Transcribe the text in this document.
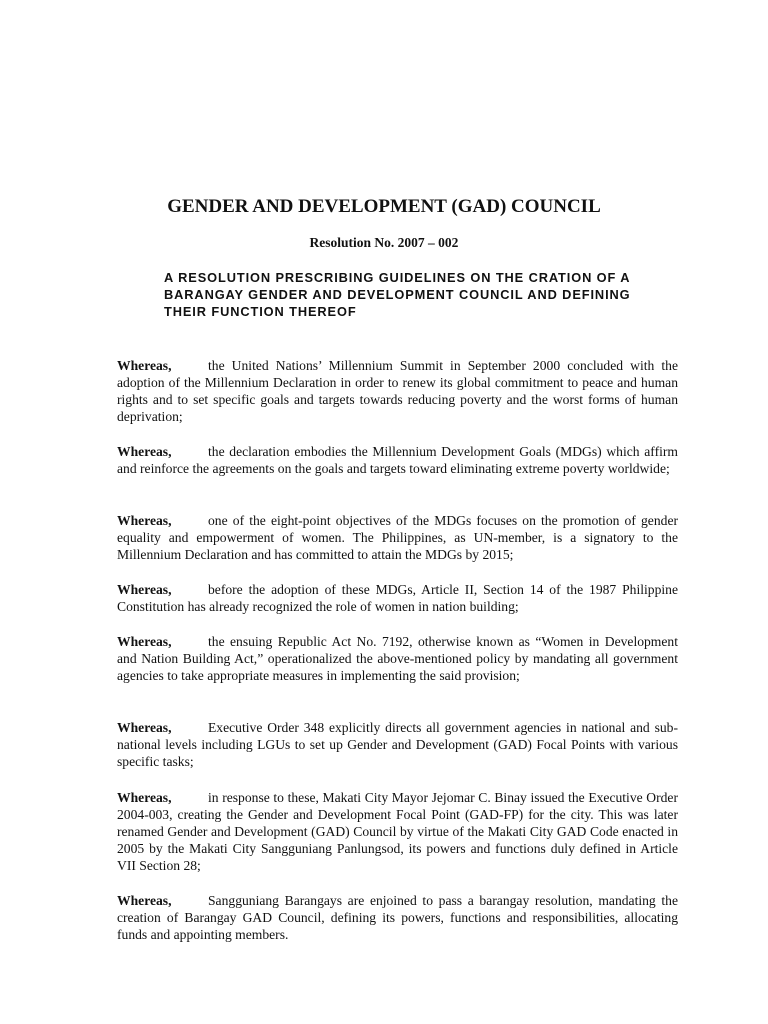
GENDER AND DEVELOPMENT (GAD) COUNCIL
Resolution No. 2007 – 002
A RESOLUTION PRESCRIBING GUIDELINES ON THE CRATION OF A BARANGAY GENDER AND DEVELOPMENT COUNCIL AND DEFINING THEIR FUNCTION THEREOF

Whereas,	the United Nations’ Millennium Summit in September 2000 concluded with the adoption of the Millennium Declaration in order to renew its global commitment to peace and human rights and to set specific goals and targets towards reducing poverty and the worst forms of human deprivation;

Whereas,	the declaration embodies the Millennium Development Goals (MDGs) which affirm and reinforce the agreements on the goals and targets toward eliminating extreme poverty worldwide;

Whereas,	one of the eight-point objectives of the MDGs focuses on the promotion of gender equality and empowerment of women. The Philippines, as UN-member, is a signatory to the Millennium Declaration and has committed to attain the MDGs by 2015;

Whereas,	before the adoption of these MDGs, Article II, Section 14 of the 1987 Philippine Constitution has already recognized the role of women in nation building;

Whereas,	the ensuing Republic Act No. 7192, otherwise known as “Women in Development and Nation Building Act,” operationalized the above-mentioned policy by mandating all government agencies to take appropriate measures in implementing the said provision;

Whereas,	Executive Order 348 explicitly directs all government agencies in national and sub-national levels including LGUs to set up Gender and Development (GAD) Focal Points with various specific tasks;

Whereas,	in response to these, Makati City Mayor Jejomar C. Binay issued the Executive Order 2004-003, creating the Gender and Development Focal Point (GAD-FP) for the city. This was later renamed Gender and Development (GAD) Council by virtue of the Makati City GAD Code enacted in 2005 by the Makati City Sangguniang Panlungsod, its powers and functions duly defined in Article VII Section 28;

Whereas,	Sangguniang Barangays are enjoined to pass a barangay resolution, mandating the creation of Barangay GAD Council, defining its powers, functions and responsibilities, allocating funds and appointing members.
